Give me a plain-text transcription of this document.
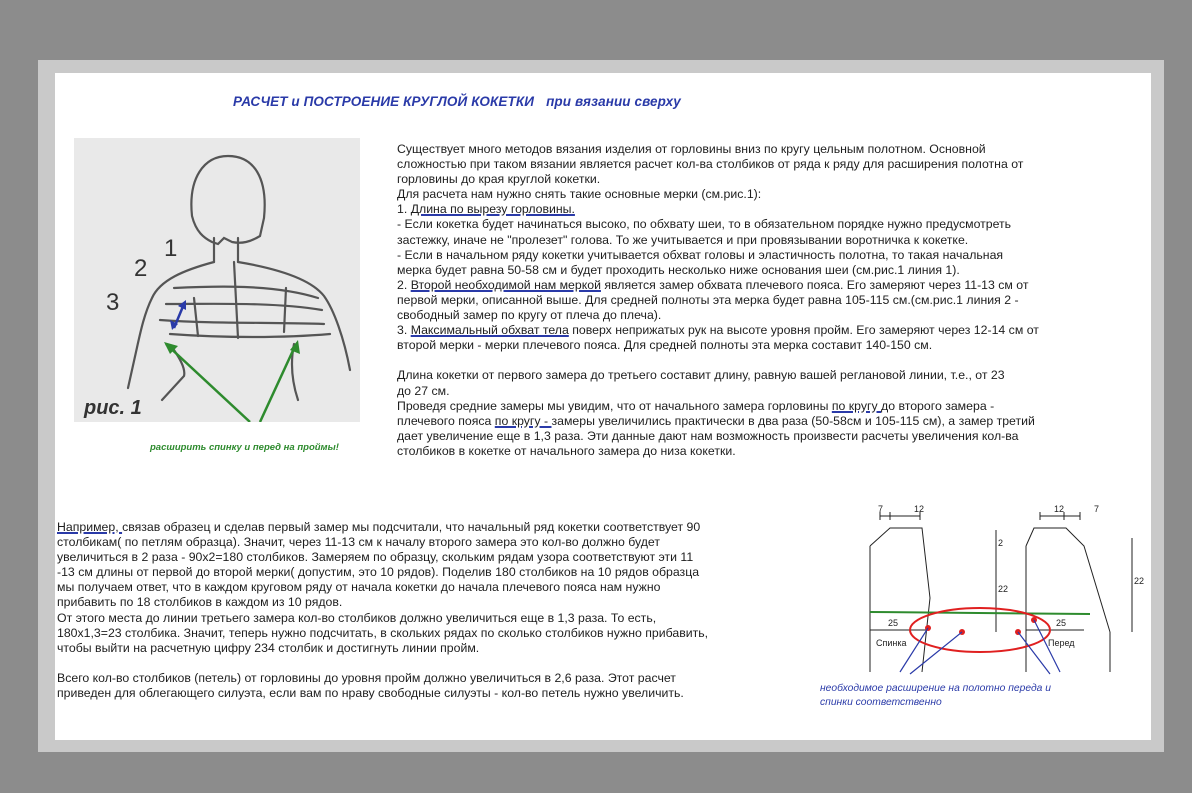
РАСЧЕТ и ПОСТРОЕНИЕ КРУГЛОЙ КОКЕТКИ при вязании сверху
1
2
3
рис. 1
расширить спинку и перед на проймы!
Существует много методов вязания изделия от горловины вниз по кругу цельным полотном. Основной
сложностью при таком вязании является расчет кол-ва столбиков от ряда к ряду для расширения полотна от
горловины до края круглой кокетки.
Для расчета нам нужно снять такие основные мерки (см.рис.1):
1. Длина по вырезу горловины.
- Если кокетка будет начинаться высоко, по обхвату шеи, то в обязательном порядке нужно предусмотреть
застежку, иначе не "пролезет" голова. То же учитывается и при провязывании воротничка к кокетке.
- Если в начальном ряду кокетки учитывается обхват головы и эластичность полотна, то такая начальная
мерка будет равна 50-58 см и будет проходить несколько ниже основания шеи (см.рис.1 линия 1).
2. Второй необходимой нам меркой является замер обхвата плечевого пояса. Его замеряют через 11-13 см от
первой мерки, описанной выше. Для средней полноты эта мерка будет равна 105-115 см.(см.рис.1 линия 2 -
свободный замер по кругу от плеча до плеча).
3. Максимальный обхват тела поверх неприжатых рук на высоте уровня пройм. Его замеряют через 12-14 см от
второй мерки - мерки плечевого пояса. Для средней полноты эта мерка составит 140-150 см.
Длина кокетки от первого замера до третьего составит длину, равную вашей реглановой линии, т.е., от 23
до 27 см.
Проведя средние замеры мы увидим, что от начального замера горловины по кругу до второго замера -
плечевого пояса по кругу - замеры увеличились практически в два раза (50-58см и 105-115 см), а замер третий
дает увеличение еще в 1,3 раза. Эти данные дают нам возможность произвести расчеты увеличения кол-ва
столбиков в кокетке от начального замера до низа кокетки.
Например, связав образец и сделав первый замер мы подсчитали, что начальный ряд кокетки соответствует 90
столбикам( по петлям образца). Значит, через 11-13 см к началу второго замера это кол-во должно будет
увеличиться в 2 раза - 90х2=180 столбиков. Замеряем по образцу, скольким рядам узора соответствуют эти 11
-13 см длины от первой до второй мерки( допустим, это 10 рядов). Поделив 180 столбиков на 10 рядов образца
мы получаем ответ, что в каждом круговом ряду от начала кокетки до начала плечевого пояса нам нужно
прибавить по 18 столбиков в каждом из 10 рядов.
От этого места до линии третьего замера кол-во столбиков должно увеличиться еще в 1,3 раза. То есть,
180х1,3=23 столбика. Значит, теперь нужно подсчитать, в скольких рядах по сколько столбиков нужно прибавить,
чтобы выйти на расчетную цифру 234 столбик и достигнуть линии пройм.
Всего кол-во столбиков (петель) от горловины до уровня пройм должно увеличиться в 2,6 раза. Этот расчет
приведен для облегающего силуэта, если вам по нраву свободные силуэты - кол-во петель нужно увеличить.
7	12	12	7
2
22
22
25	25
Спинка	Перед
необходимое расширение на полотно переда и
спинки соответственно
